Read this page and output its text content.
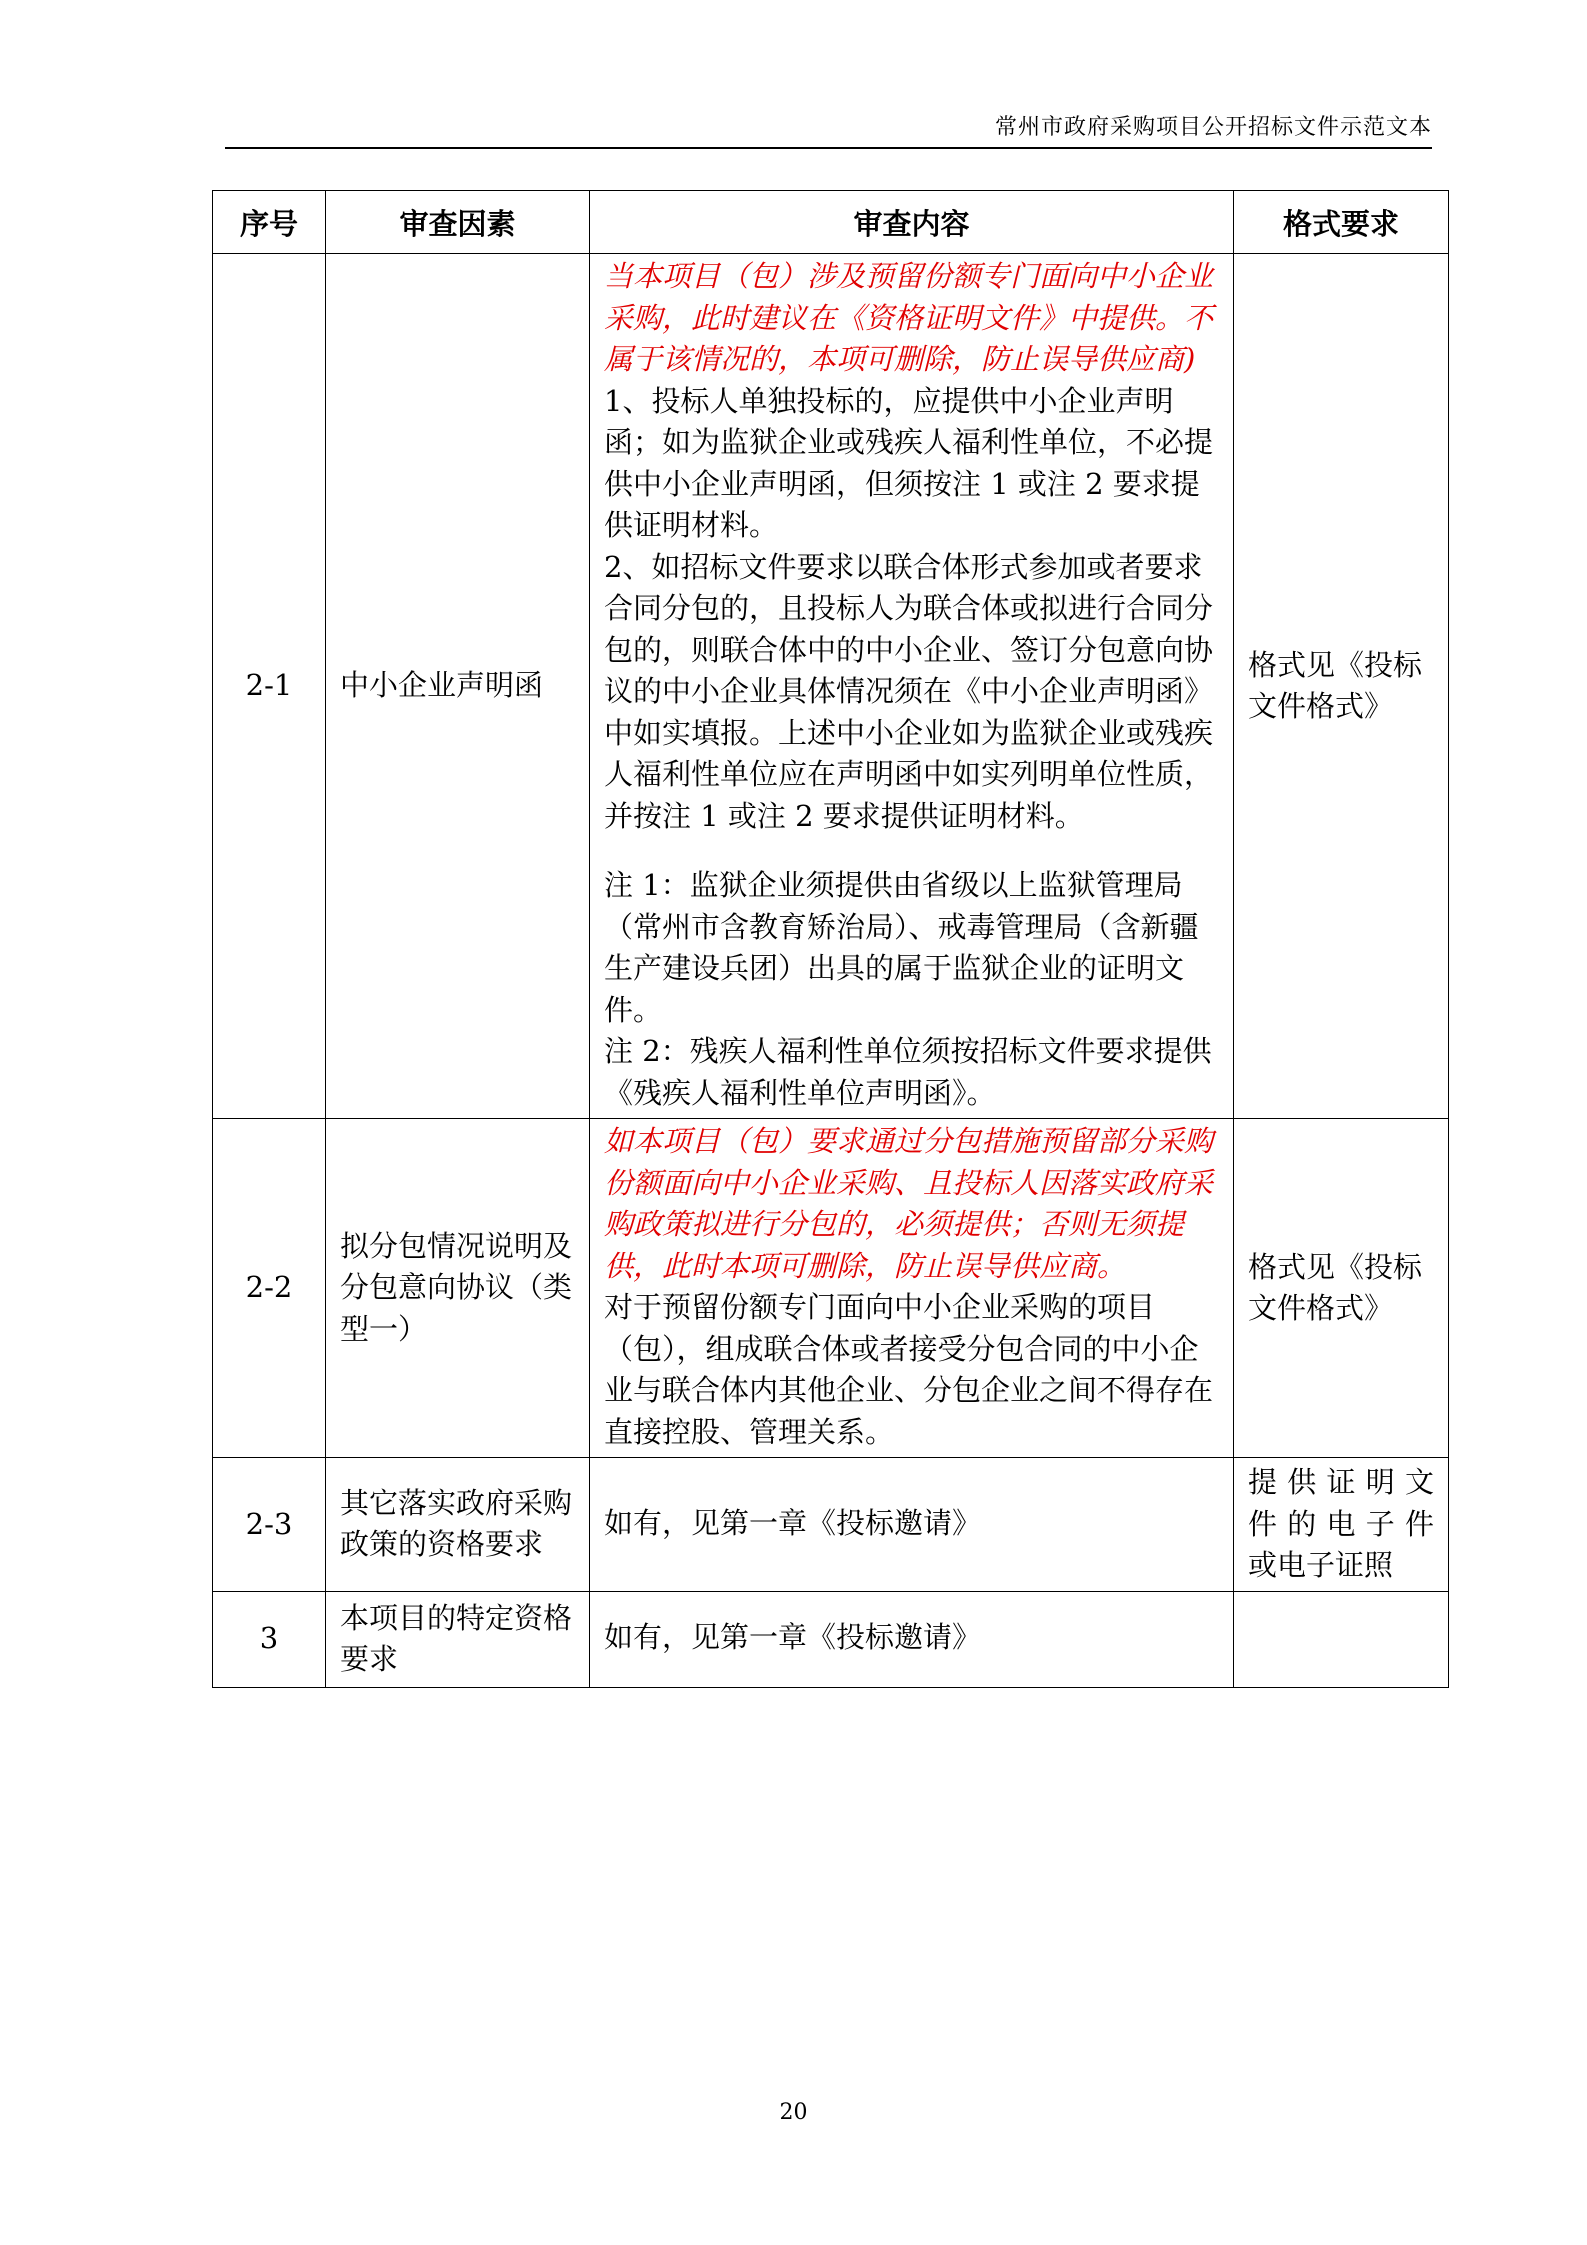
常州市政府采购项目公开招标文件示范文本
序号	审查因素	审查内容	格式要求
2-1	中小企业声明函	当本项目（包）涉及预留份额专门面向中小企业采购，此时建议在《资格证明文件》中提供。不属于该情况的，本项可删除，防止误导供应商)
1、投标人单独投标的，应提供中小企业声明函；如为监狱企业或残疾人福利性单位，不必提供中小企业声明函，但须按注 1 或注 2 要求提供证明材料。
2、如招标文件要求以联合体形式参加或者要求合同分包的，且投标人为联合体或拟进行合同分包的，则联合体中的中小企业、签订分包意向协议的中小企业具体情况须在《中小企业声明函》中如实填报。上述中小企业如为监狱企业或残疾人福利性单位应在声明函中如实列明单位性质，并按注 1 或注 2 要求提供证明材料。
注 1：监狱企业须提供由省级以上监狱管理局（常州市含教育矫治局）、戒毒管理局（含新疆生产建设兵团）出具的属于监狱企业的证明文件。
注 2：残疾人福利性单位须按招标文件要求提供《残疾人福利性单位声明函》。	格式见《投标文件格式》
2-2	拟分包情况说明及分包意向协议（类型一）	如本项目（包）要求通过分包措施预留部分采购份额面向中小企业采购、且投标人因落实政府采购政策拟进行分包的，必须提供；否则无须提供，此时本项可删除，防止误导供应商。
对于预留份额专门面向中小企业采购的项目（包），组成联合体或者接受分包合同的中小企业与联合体内其他企业、分包企业之间不得存在直接控股、管理关系。	格式见《投标文件格式》
2-3	其它落实政府采购政策的资格要求	如有，见第一章《投标邀请》	提供证明文
件的电子件
或电子证照

3	本项目的特定资格要求	如有，见第一章《投标邀请》	
20
